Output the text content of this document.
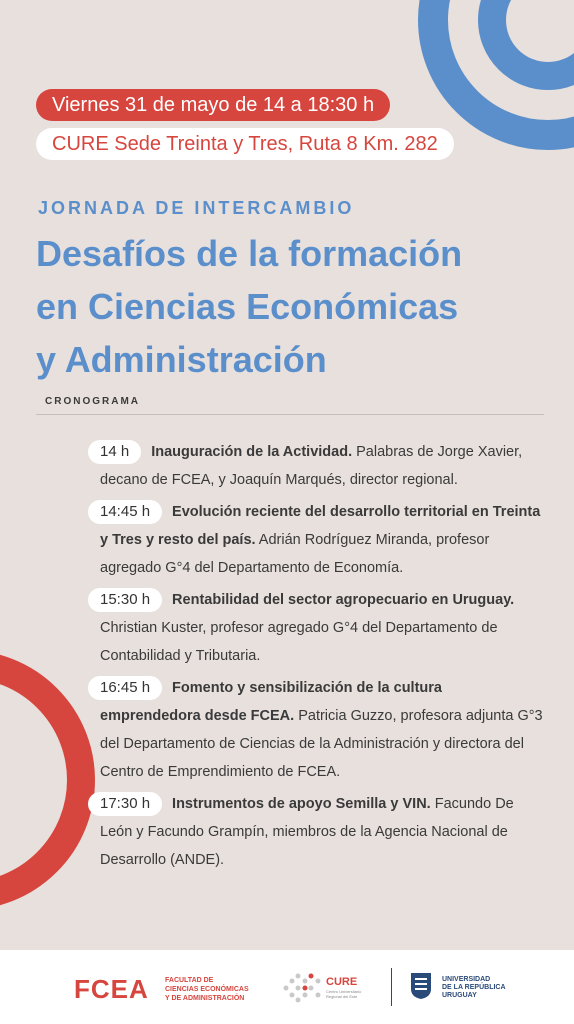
Viernes 31 de mayo de 14 a 18:30 h
CURE Sede Treinta y Tres, Ruta 8 Km. 282
JORNADA DE INTERCAMBIO
Desafíos de la formación
en Ciencias Económicas
y Administración
CRONOGRAMA
14 h Inauguración de la Actividad. Palabras de Jorge Xavier, decano de FCEA, y Joaquín Marqués, director regional.
14:45 h Evolución reciente del desarrollo territorial en Treinta y Tres y resto del país. Adrián Rodríguez Miranda, profesor agregado G°4 del Departamento de Economía.
15:30 h Rentabilidad del sector agropecuario en Uruguay. Christian Kuster, profesor agregado G°4 del Departamento de Contabilidad y Tributaria.
16:45 h Fomento y sensibilización de la cultura emprendedora desde FCEA. Patricia Guzzo, profesora adjunta G°3 del Departamento de Ciencias de la Administración y directora del Centro de Emprendimiento de FCEA.
17:30 h Instrumentos de apoyo Semilla y VIN. Facundo De León y Facundo Grampín, miembros de la Agencia Nacional de Desarrollo (ANDE).
FCEA FACULTAD DE
CIENCIAS ECONÓMICAS
Y DE ADMINISTRACIÓN
CURE
Centro Universitario
Regional del Este
UNIVERSIDAD
DE LA REPÚBLICA
URUGUAY
